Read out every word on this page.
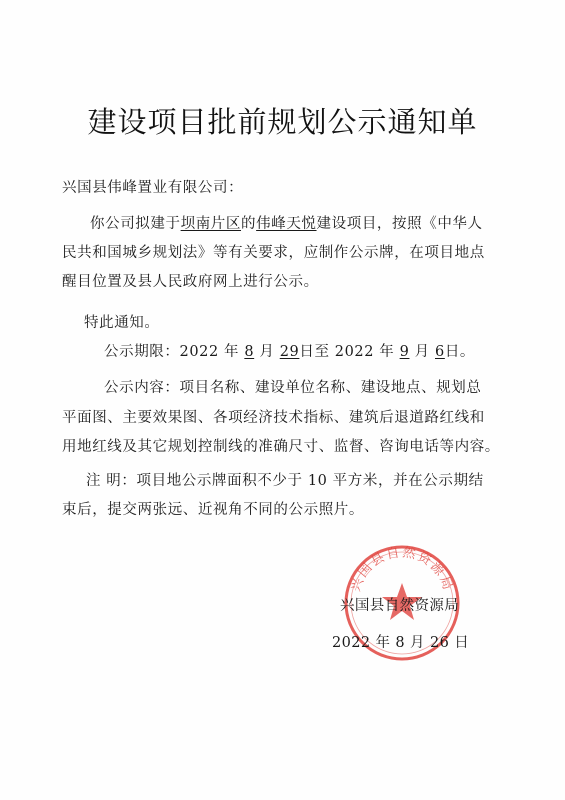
建设项目批前规划公示通知单
兴国县伟峰置业有限公司：
你公司拟建于坝南片区的伟峰天悦建设项目，按照《中华人
民共和国城乡规划法》等有关要求，应制作公示牌，在项目地点
醒目位置及县人民政府网上进行公示。
特此通知。
公示期限：2022 年 8 月 29日至 2022 年 9 月 6日。
公示内容：项目名称、建设单位名称、建设地点、规划总
平面图、主要效果图、各项经济技术指标、建筑后退道路红线和
用地红线及其它规划控制线的准确尺寸、监督、咨询电话等内容。
注 明：项目地公示牌面积不少于 10 平方米，并在公示期结
束后，提交两张远、近视角不同的公示照片。
兴国县自然资源局
兴国县自然资源局
2022 年 8 月 26 日
